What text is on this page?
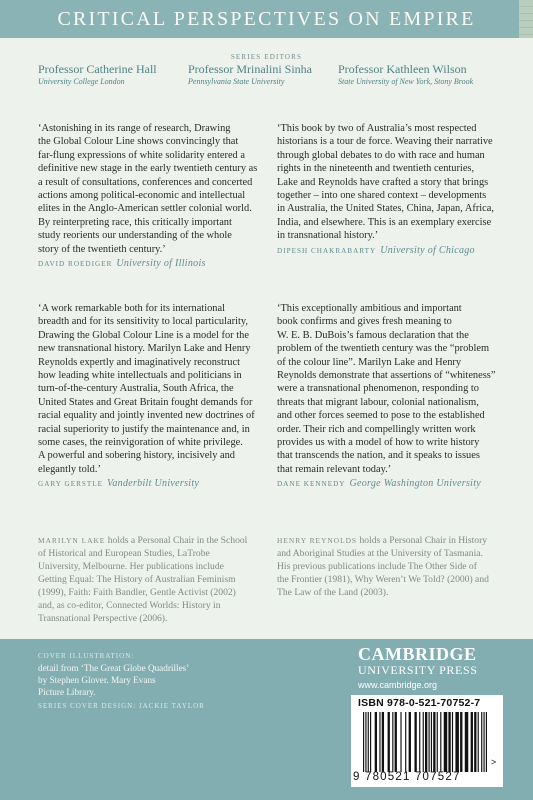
CRITICAL PERSPECTIVES ON EMPIRE
SERIES EDITORS
Professor Catherine Hall
University College London
Professor Mrinalini Sinha
Pennsylvania State University
Professor Kathleen Wilson
State University of New York, Stony Brook
‘Astonishing in its range of research, Drawing
the Global Colour Line shows convincingly that
far-flung expressions of white solidarity entered a
definitive new stage in the early twentieth century as
a result of consultations, conferences and concerted
actions among political-economic and intellectual
elites in the Anglo-American settler colonial world.
By reinterpreting race, this critically important
study reorients our understanding of the whole
story of the twentieth century.’
DAVID ROEDIGER University of Illinois
‘This book by two of Australia’s most respected
historians is a tour de force. Weaving their narrative
through global debates to do with race and human
rights in the nineteenth and twentieth centuries,
Lake and Reynolds have crafted a story that brings
together – into one shared context – developments
in Australia, the United States, China, Japan, Africa,
India, and elsewhere. This is an exemplary exercise
in transnational history.’
DIPESH CHAKRABARTY University of Chicago
‘A work remarkable both for its international
breadth and for its sensitivity to local particularity,
Drawing the Global Colour Line is a model for the
new transnational history. Marilyn Lake and Henry
Reynolds expertly and imaginatively reconstruct
how leading white intellectuals and politicians in
turn-of-the-century Australia, South Africa, the
United States and Great Britain fought demands for
racial equality and jointly invented new doctrines of
racial superiority to justify the maintenance and, in
some cases, the reinvigoration of white privilege.
A powerful and sobering history, incisively and
elegantly told.’
GARY GERSTLE Vanderbilt University
‘This exceptionally ambitious and important
book confirms and gives fresh meaning to
W. E. B. DuBois’s famous declaration that the
problem of the twentieth century was the “problem
of the colour line”. Marilyn Lake and Henry
Reynolds demonstrate that assertions of “whiteness”
were a transnational phenomenon, responding to
threats that migrant labour, colonial nationalism,
and other forces seemed to pose to the established
order. Their rich and compellingly written work
provides us with a model of how to write history
that transcends the nation, and it speaks to issues
that remain relevant today.’
DANE KENNEDY George Washington University
MARILYN LAKE holds a Personal Chair in the School
of Historical and European Studies, LaTrobe
University, Melbourne. Her publications include
Getting Equal: The History of Australian Feminism
(1999), Faith: Faith Bandler, Gentle Activist (2002)
and, as co-editor, Connected Worlds: History in
Transnational Perspective (2006).
HENRY REYNOLDS holds a Personal Chair in History
and Aboriginal Studies at the University of Tasmania.
His previous publications include The Other Side of
the Frontier (1981), Why Weren’t We Told? (2000) and
The Law of the Land (2003).
COVER ILLUSTRATION:
detail from ‘The Great Globe Quadrilles’
by Stephen Glover. Mary Evans
Picture Library.
SERIES COVER DESIGN: JACKIE TAYLOR
CAMBRIDGE
UNIVERSITY PRESS
www.cambridge.org
ISBN 978-0-521-70752-7
9 780521 707527
>
